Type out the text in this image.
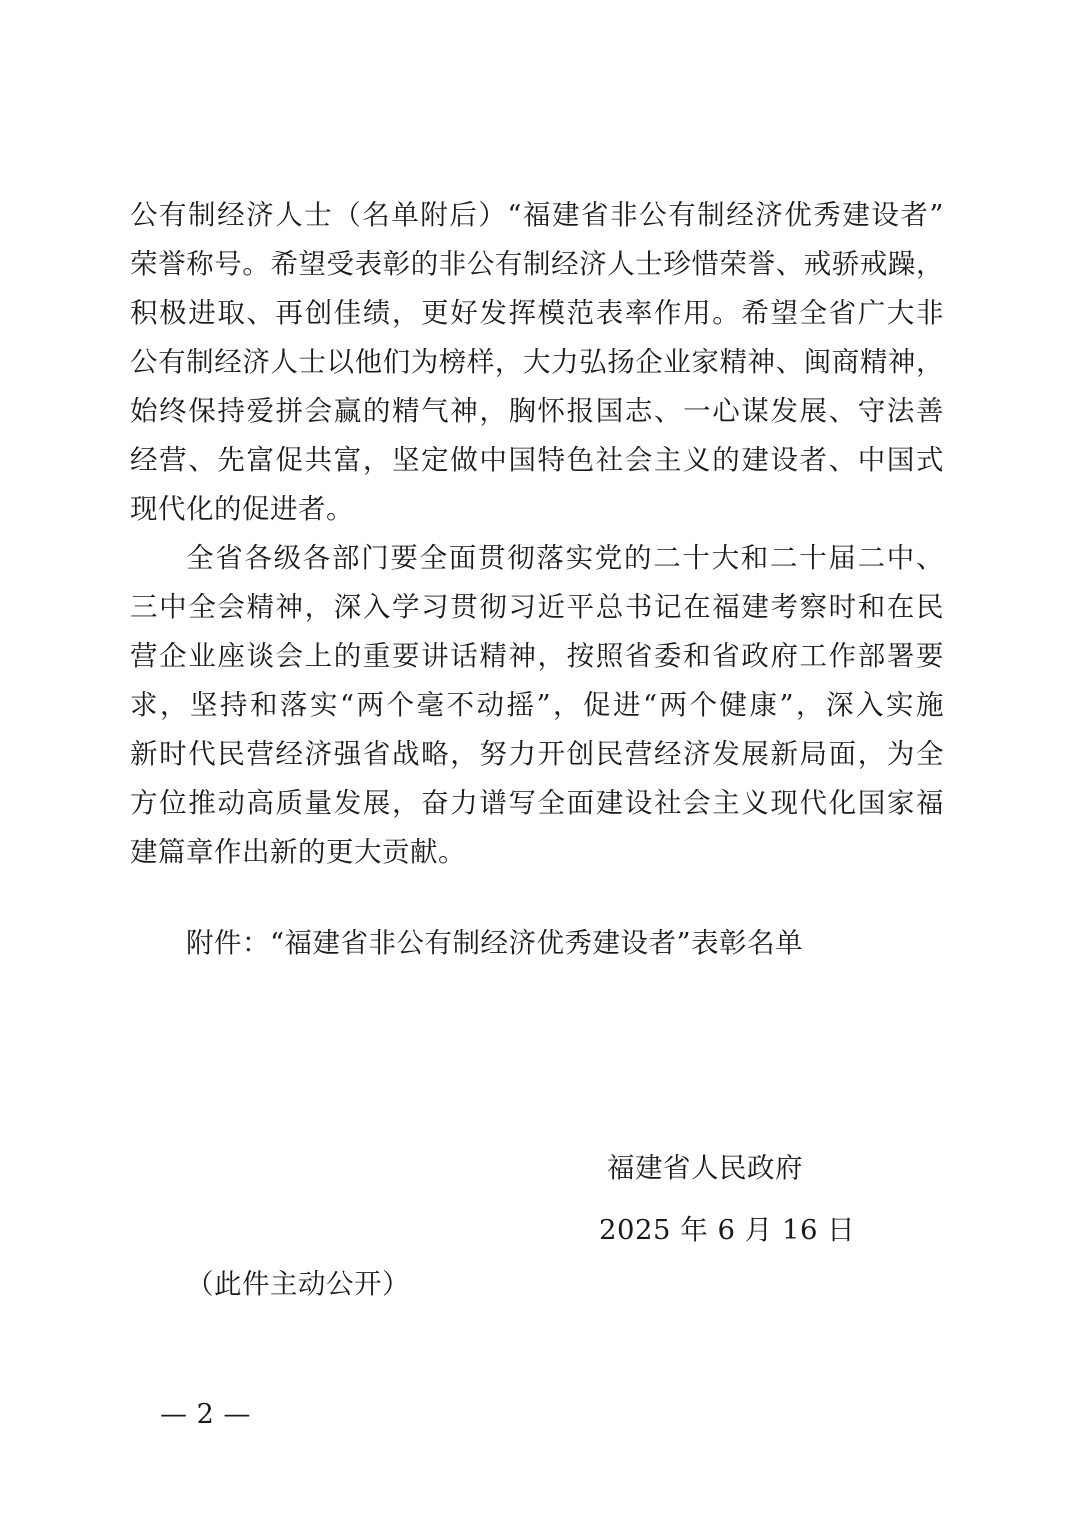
公有制经济人士（名单附后）“福建省非公有制经济优秀建设者”
荣誉称号。希望受表彰的非公有制经济人士珍惜荣誉、戒骄戒躁，
积极进取、再创佳绩，更好发挥模范表率作用。希望全省广大非
公有制经济人士以他们为榜样，大力弘扬企业家精神、闽商精神，
始终保持爱拼会赢的精气神，胸怀报国志、一心谋发展、守法善
经营、先富促共富，坚定做中国特色社会主义的建设者、中国式
现代化的促进者。
全省各级各部门要全面贯彻落实党的二十大和二十届二中、
三中全会精神，深入学习贯彻习近平总书记在福建考察时和在民
营企业座谈会上的重要讲话精神，按照省委和省政府工作部署要
求，坚持和落实“两个毫不动摇”，促进“两个健康”，深入实施
新时代民营经济强省战略，努力开创民营经济发展新局面，为全
方位推动高质量发展，奋力谱写全面建设社会主义现代化国家福
建篇章作出新的更大贡献。
附件：“福建省非公有制经济优秀建设者”表彰名单
福建省人民政府
2025 年 6 月 16 日
（此件主动公开）
— 2 —
